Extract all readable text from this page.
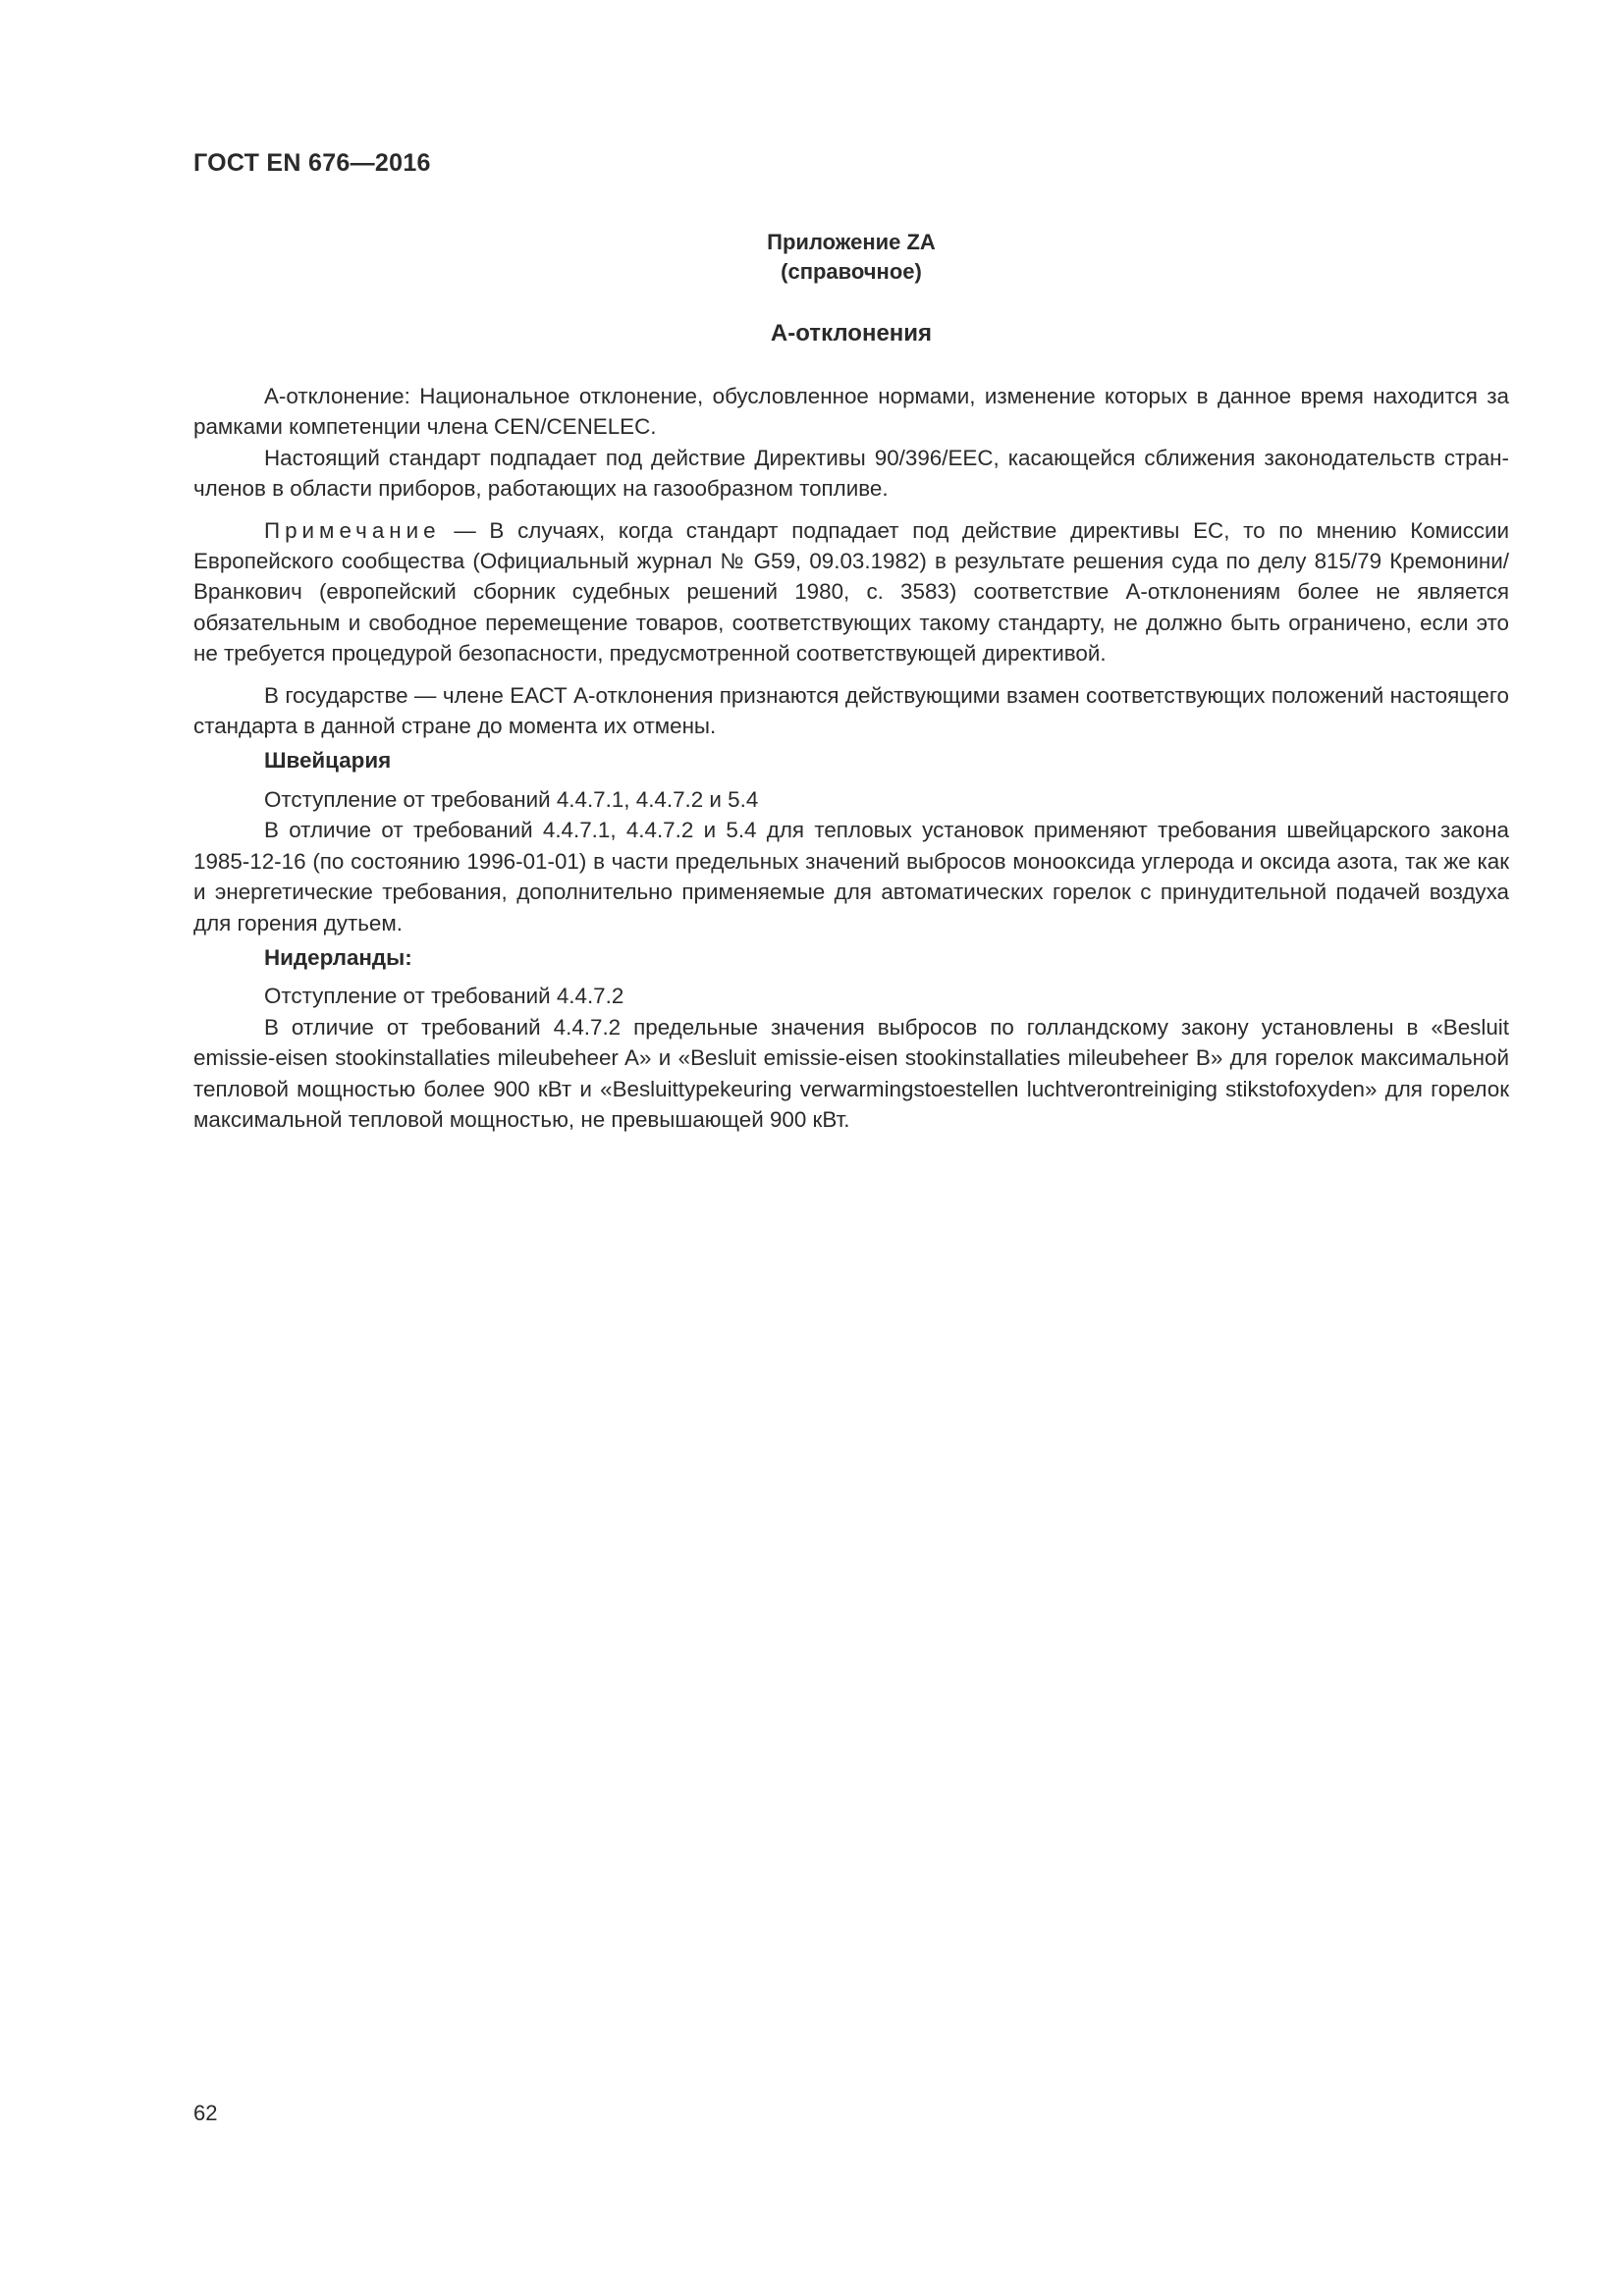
ГОСТ EN 676—2016
Приложение ZA
(справочное)
А-отклонения

А-отклонение: Национальное отклонение, обусловленное нормами, изменение которых в данное время находится за рамками компетенции члена CEN/CENELEC.

Настоящий стандарт подпадает под действие Директивы 90/396/ЕЕС, касающейся сближения законодательств стран-членов в области приборов, работающих на газообразном топливе.

Примечание — В случаях, когда стандарт подпадает под действие директивы ЕС, то по мнению Комиссии Европейского сообщества (Официальный журнал № G59, 09.03.1982) в результате решения суда по делу 815/79 Кремонини/Вранкович (европейский сборник судебных решений 1980, с. 3583) соответствие А-отклонениям более не является обязательным и свободное перемещение товаров, соответствующих такому стандарту, не должно быть ограничено, если это не требуется процедурой безопасности, предусмотренной соответствующей директивой.

В государстве — члене ЕАСТ А-отклонения признаются действующими взамен соответствующих положений настоящего стандарта в данной стране до момента их отмены.

Швейцария

Отступление от требований 4.4.7.1, 4.4.7.2 и 5.4

В отличие от требований 4.4.7.1, 4.4.7.2 и 5.4 для тепловых установок применяют требования швейцарского закона 1985-12-16 (по состоянию 1996-01-01) в части предельных значений выбросов монооксида углерода и оксида азота, так же как и энергетические требования, дополнительно применяемые для автоматических горелок с принудительной подачей воздуха для горения дутьем.

Нидерланды:

Отступление от требований 4.4.7.2

В отличие от требований 4.4.7.2 предельные значения выбросов по голландскому закону установлены в «Besluit emissie-eisen stookinstallaties mileubeheer A» и «Besluit emissie-eisen stookinstallaties mileubeheer B» для горелок максимальной тепловой мощностью более 900 кВт и «Besluittypekeuring verwarmingstoestellen luchtverontreiniging stikstofoxyden» для горелок максимальной тепловой мощностью, не превышающей 900 кВт.

62
